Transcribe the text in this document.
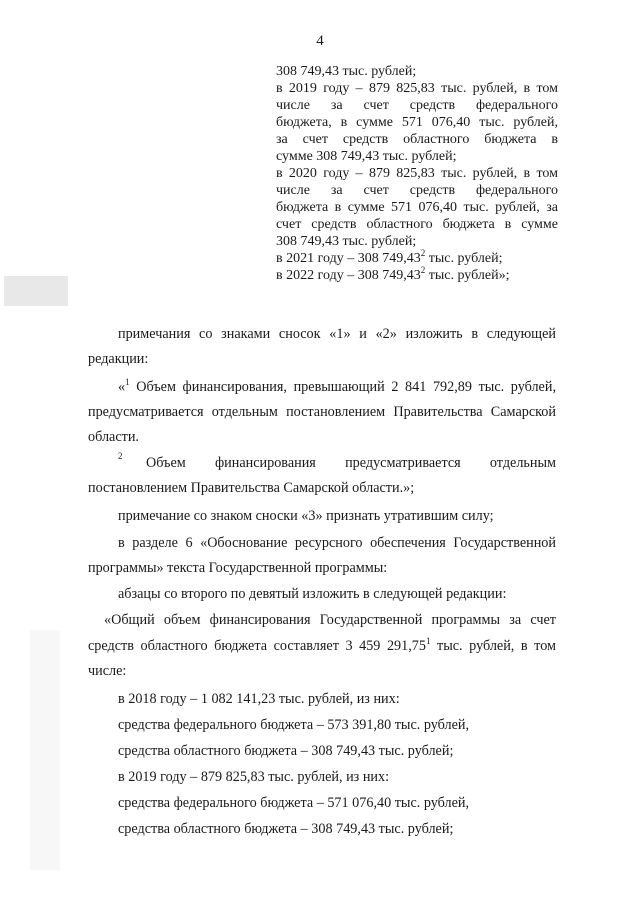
4

308 749,43 тыс. рублей;

в 2019 году – 879 825,83 тыс. рублей, в том

числе за счет средств федерального

бюджета, в сумме 571 076,40 тыс. рублей,

за счет средств областного бюджета в

сумме 308 749,43 тыс. рублей;

в 2020 году – 879 825,83 тыс. рублей, в том

числе за счет средств федерального

бюджета в сумме 571 076,40 тыс. рублей, за

счет средств областного бюджета в сумме

308 749,43 тыс. рублей;

в 2021 году – 308 749,43$^2$ тыс. рублей;

в 2022 году – 308 749,43$^2$ тыс. рублей»;

примечания со знаками сносок «1» и «2» изложить в следующей
редакции:
«$^1$ Объем финансирования, превышающий 2 841 792,89 тыс. рублей,
предусматривается отдельным постановлением Правительства Самарской
области.
2 Объем финансирования предусматривается отдельным
постановлением Правительства Самарской области.»;
примечание со знаком сноски «3» признать утратившим силу;
в разделе 6 «Обоснование ресурсного обеспечения Государственной
программы» текста Государственной программы:
абзацы со второго по девятый изложить в следующей редакции:
«Общий объем финансирования Государственной программы за счет
средств областного бюджета составляет 3 459 291,75$^1$ тыс. рублей, в том
числе:
в 2018 году – 1 082 141,23 тыс. рублей, из них:
средства федерального бюджета – 573 391,80 тыс. рублей,
средства областного бюджета – 308 749,43 тыс. рублей;
в 2019 году – 879 825,83 тыс. рублей, из них:
средства федерального бюджета – 571 076,40 тыс. рублей,
средства областного бюджета – 308 749,43 тыс. рублей;
